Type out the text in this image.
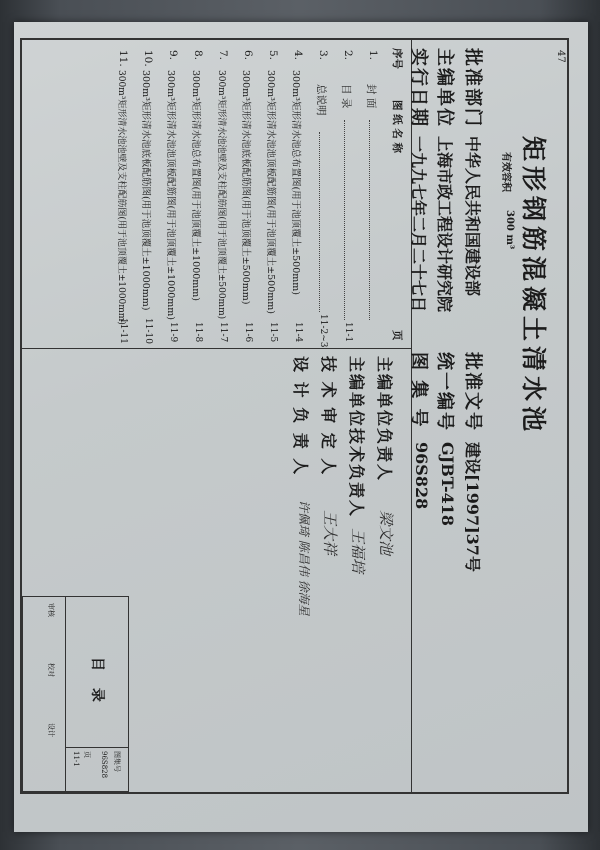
矩形钢筋混凝土清水池
有效容积
300 m³
批准部门
中华人民共和国建设部
主编单位
上海市政工程设计研究院
实行日期
一九九七年二月二十七日
批准文号
建设[1997]37号
统一编号
GJBT-418
图 集 号
96S828
序号
图 纸 名 称
页
1.
封 面
2.
目 录
11-1
3.
总说明
11-2~3
4.
300m³矩形清水池总布置图(用于池顶覆土±500mm)
11-4
5.
300m³矩形清水池池顶板配筋图(用于池顶覆土±500mm)
11-5
6.
300m³矩形清水池底板配筋图(用于池顶覆土±500mm)
11-6
7.
300m³矩形清水池池壁及支柱配筋图(用于池顶覆土±500mm)
11-7
8.
300m³矩形清水池总布置图(用于池顶覆土±1000mm)
11-8
9.
300m³矩形清水池池顶板配筋图(用于池顶覆土±1000mm)
11-9
10.
300m³矩形清水池底板配筋图(用于池顶覆土±1000mm)
11-10
11.
300m³矩形清水池池壁及支柱配筋图(用于池顶覆土±1000mm)
11-11
主编单位负责人
梁文池
主编单位技术负责人
王福培
技 术 审 定 人
王大祥
设 计 负 责 人
许佩琦 陈昌伟 徐海星
目 录
图集号
96S828
页
11-1
审核
校对
设计
47
